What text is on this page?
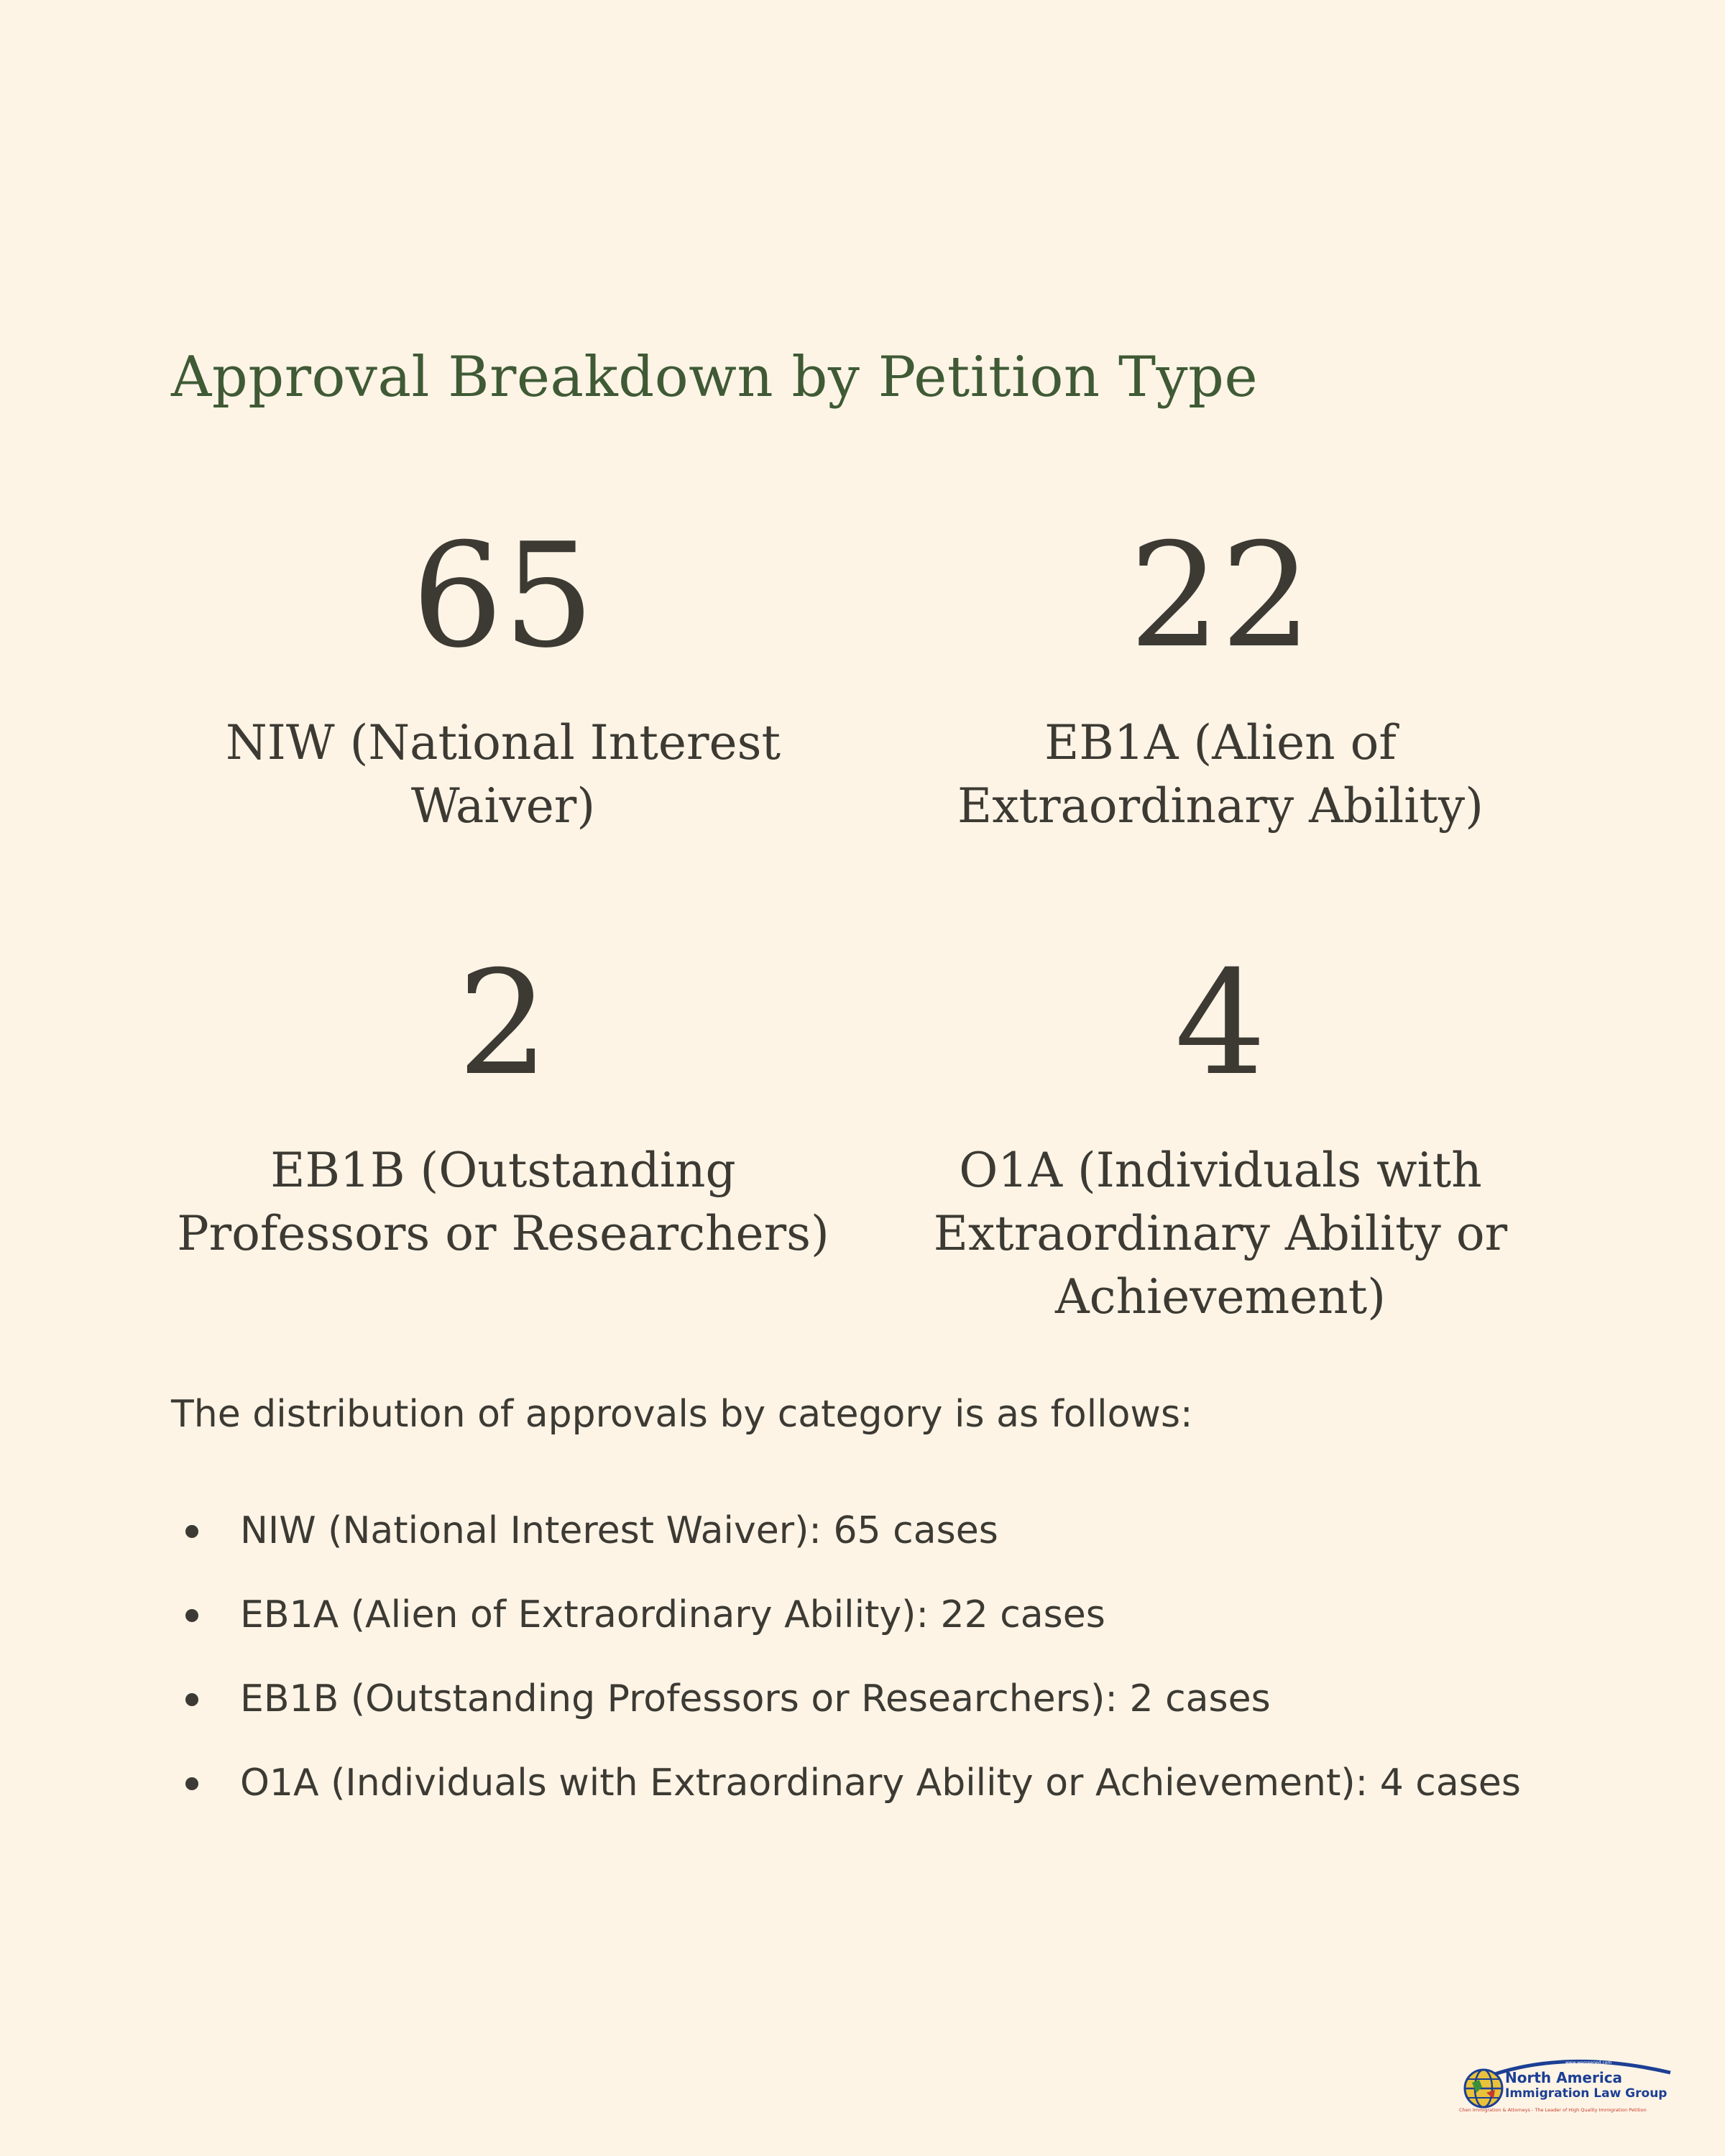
Approval Breakdown by Petition Type
65
NIW (National Interest Waiver)
22
EB1A (Alien of Extraordinary Ability)
2
EB1B (Outstanding Professors or Researchers)
4
O1A (Individuals with Extraordinary Ability or Achievement)

The distribution of approvals by category is as follows:

NIW (National Interest Waiver): 65 cases
EB1A (Alien of Extraordinary Ability): 22 cases
EB1B (Outstanding Professors or Researchers): 2 cases
O1A (Individuals with Extraordinary Ability or Achievement): 4 cases
www.wegreened.com
North America
Immigration Law Group
Chen Immigration & Attorneys - The Leader of High Quality Immigration Petition
